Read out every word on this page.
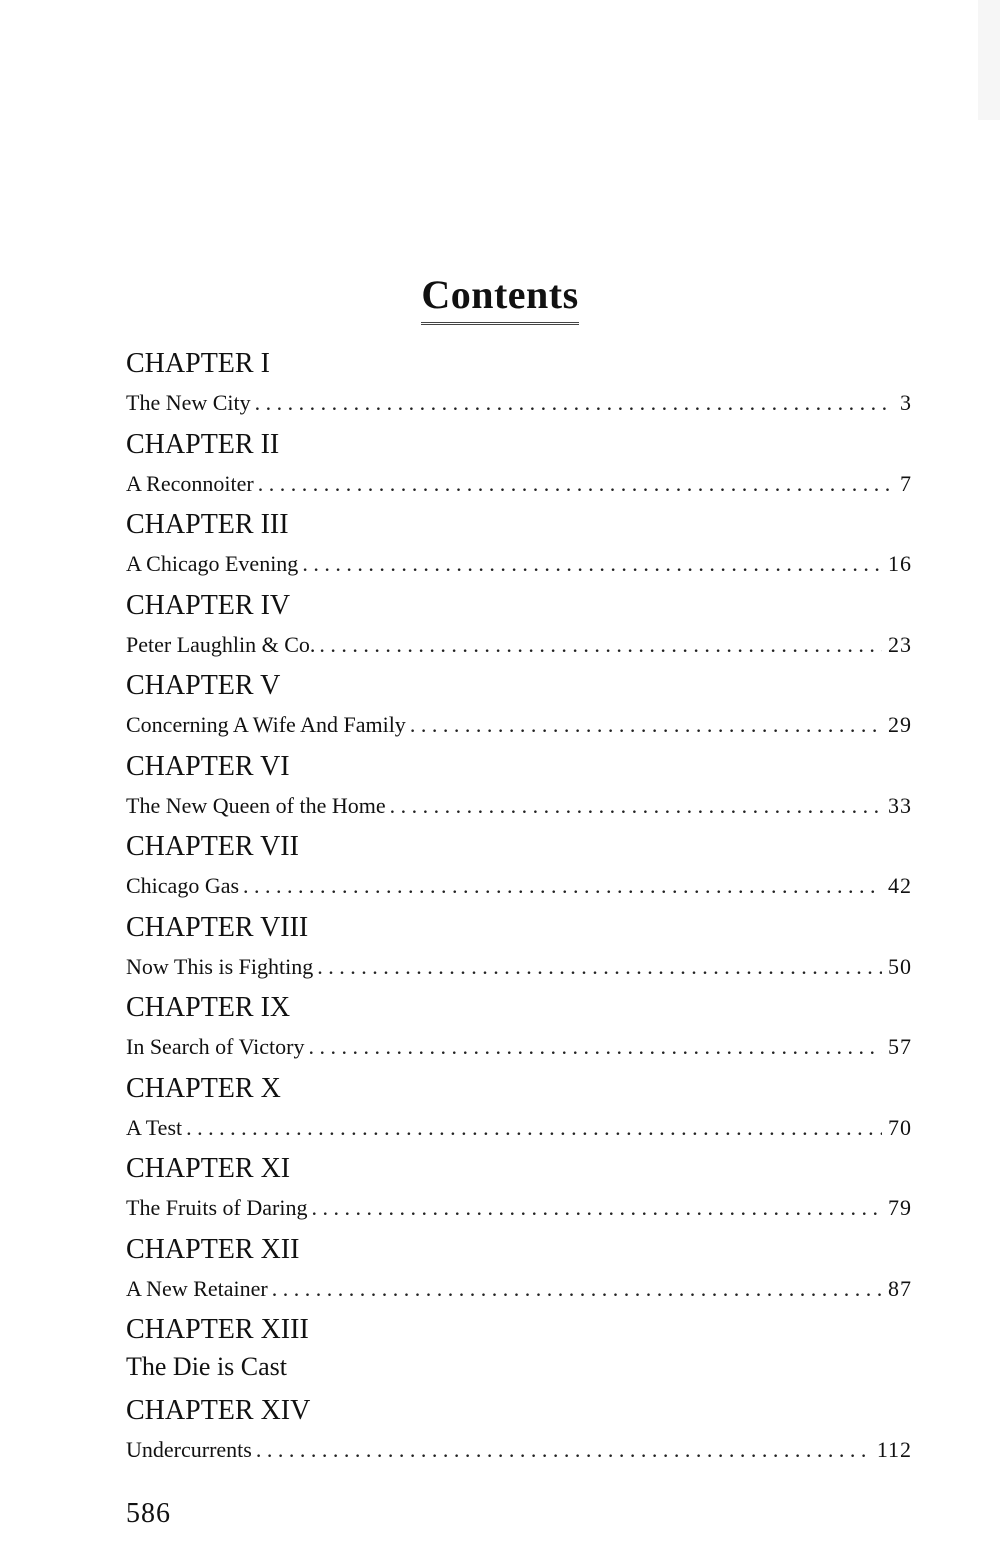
Contents
CHAPTER I
The New City . . .	3
CHAPTER II
A Reconnoiter . . .	7
CHAPTER III
A Chicago Evening . . .	16
CHAPTER IV
Peter Laughlin & Co. . . .	23
CHAPTER V
Concerning A Wife And Family . . .	29
CHAPTER VI
The New Queen of the Home . . .	33
CHAPTER VII
Chicago Gas . . .	42
CHAPTER VIII
Now This is Fighting . . .	50
CHAPTER IX
In Search of Victory . . .	57
CHAPTER X
A Test . . .	70
CHAPTER XI
The Fruits of Daring . . .	79
CHAPTER XII
A New Retainer . . .	87
CHAPTER XIII
The Die is Cast
CHAPTER XIV
Undercurrents . . .	112
586
